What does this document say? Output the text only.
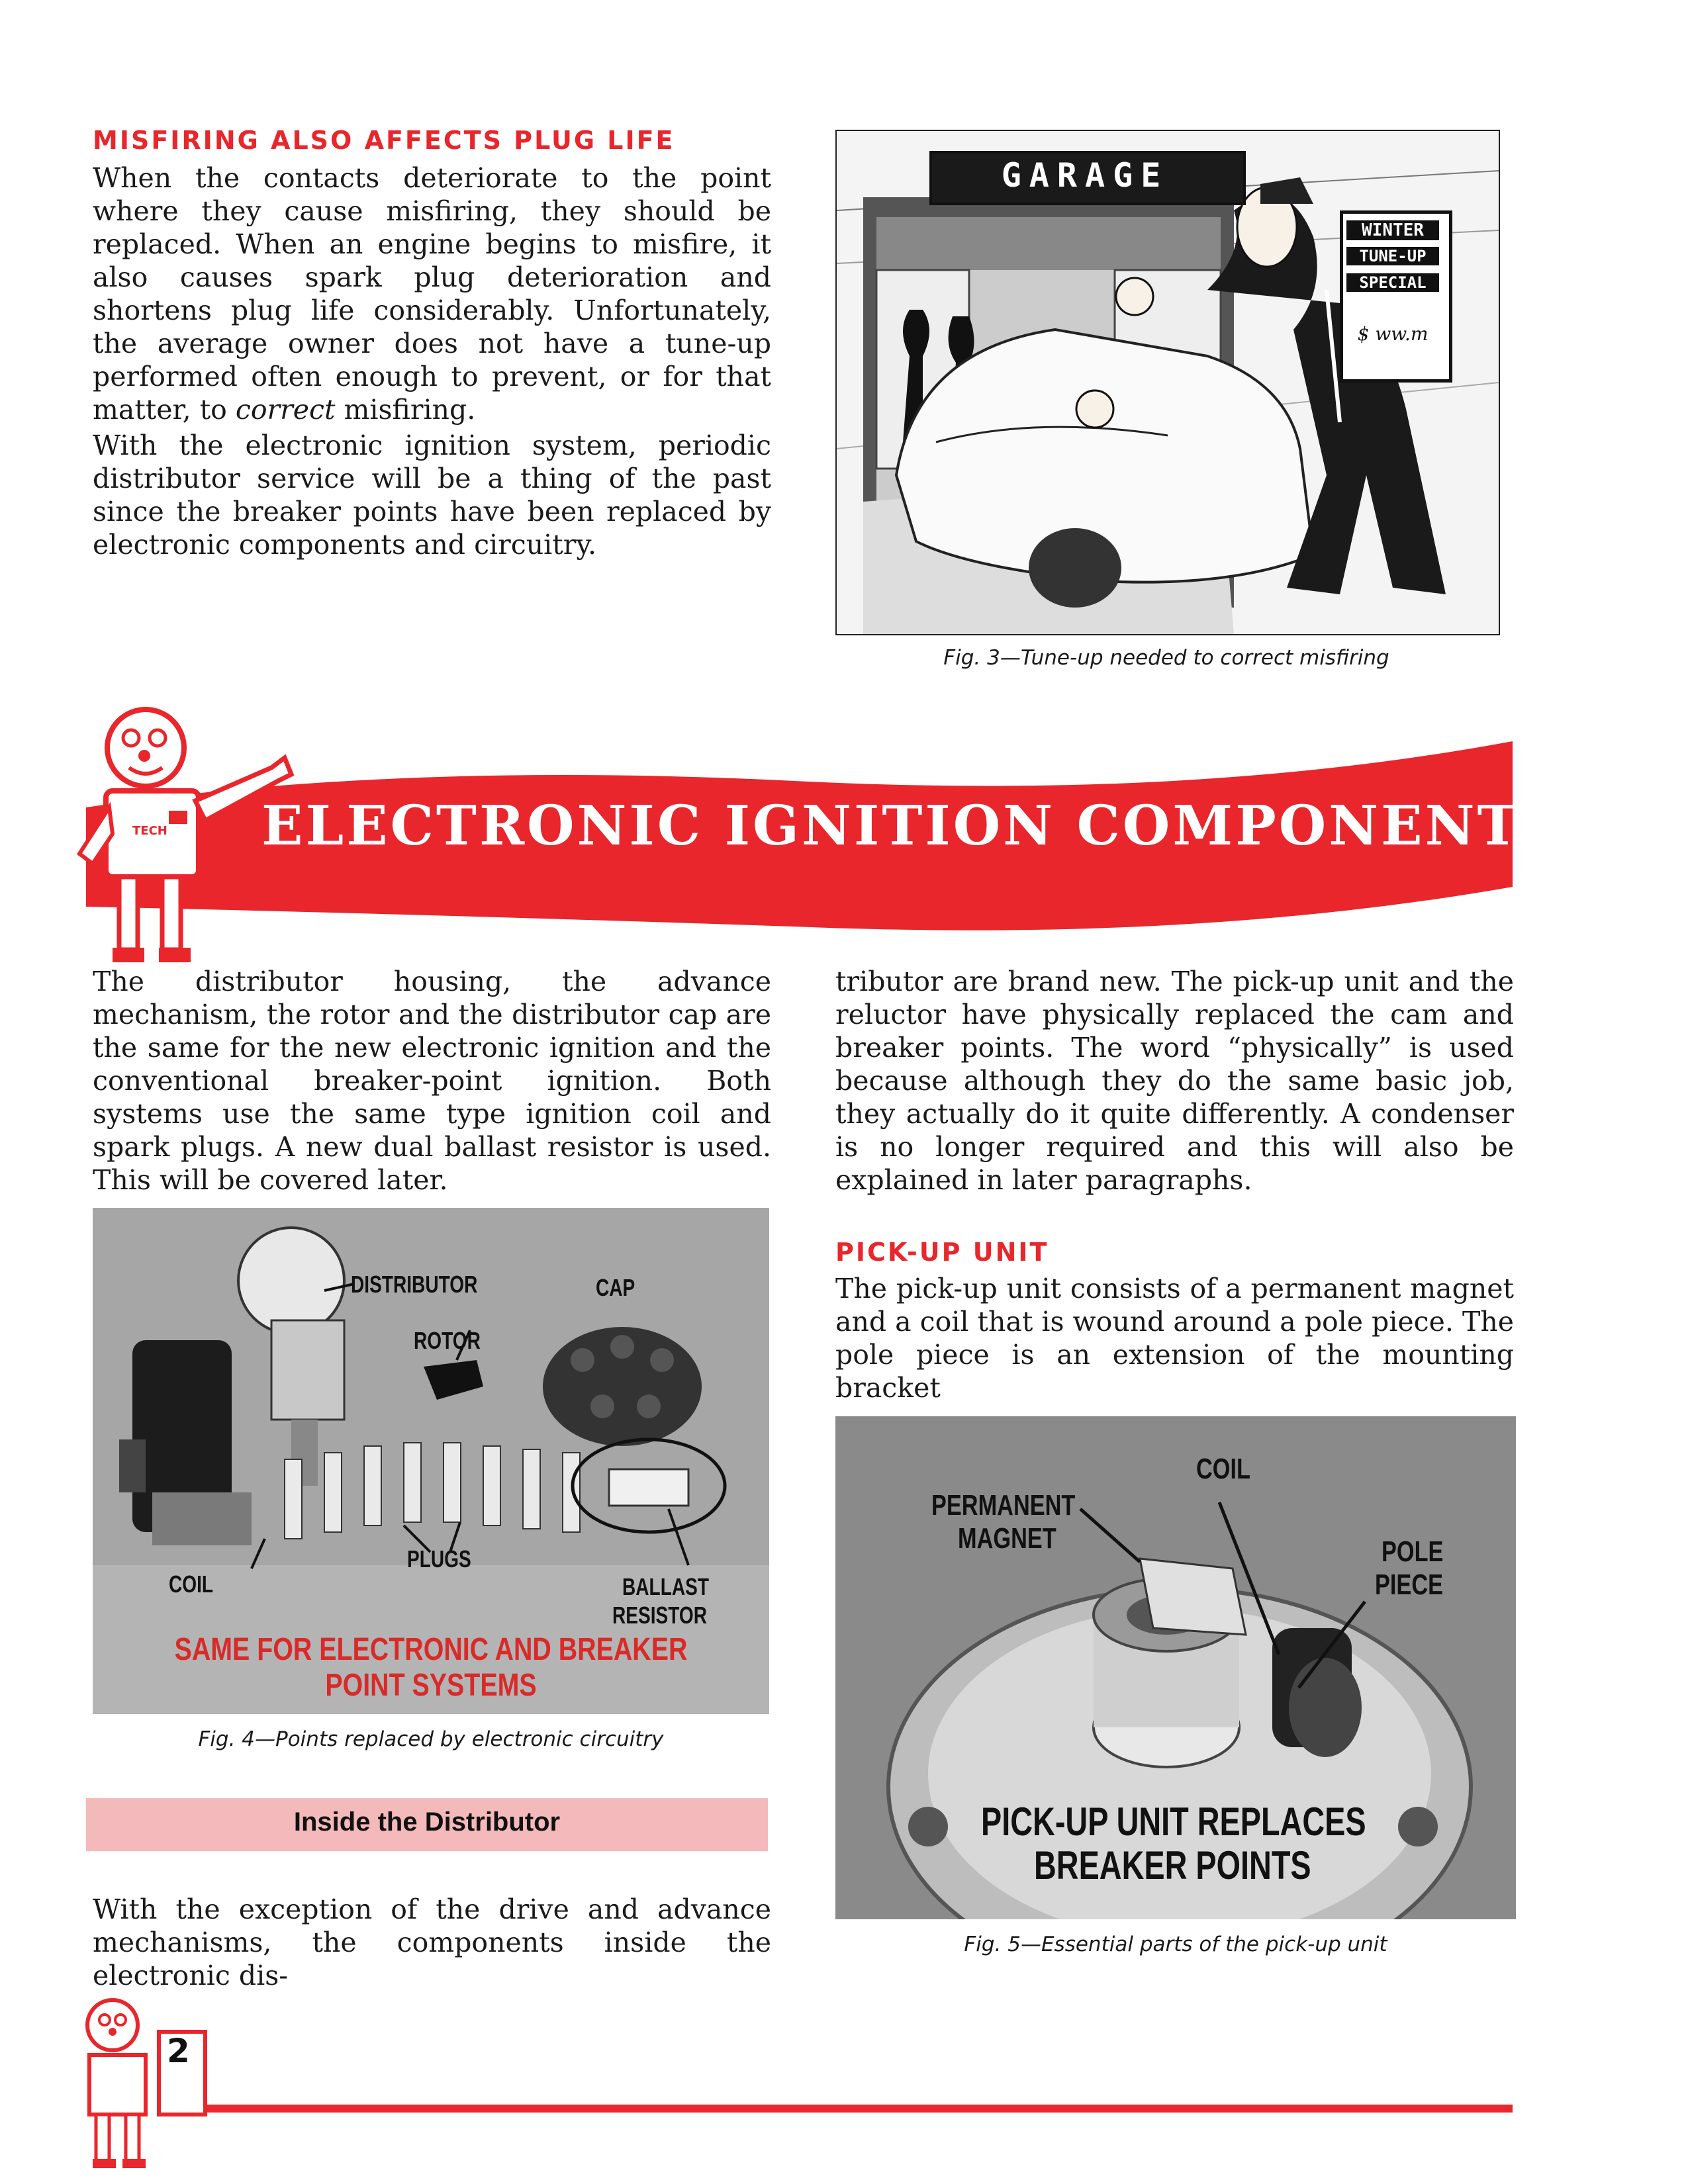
MISFIRING ALSO AFFECTS PLUG LIFE
When the contacts deteriorate to the point where they cause misfiring, they should be replaced. When an engine begins to misfire, it also causes spark plug deterioration and shortens plug life considerably. Unfortunately, the average owner does not have a tune-up performed often enough to prevent, or for that matter, to correct misfiring.
With the electronic ignition system, periodic distributor service will be a thing of the past since the breaker points have been replaced by electronic components and circuitry.
GARAGE
WINTER
TUNE-UP
SPECIAL
$ ww.m
Fig. 3—Tune-up needed to correct misfiring
TECH ELECTRONIC IGNITION COMPONENTS
The distributor housing, the advance mechanism, the rotor and the distributor cap are the same for the new electronic ignition and the conventional breaker-point ignition. Both systems use the same type ignition coil and spark plugs. A new dual ballast resistor is used. This will be covered later.
tributor are brand new. The pick-up unit and the reluctor have physically replaced the cam and breaker points. The word “physically” is used because although they do the same basic job, they actually do it quite differently. A condenser is no longer required and this will also be explained in later paragraphs.
DISTRIBUTOR	CAP
ROTOR
COIL
PLUGS
BALLAST
RESISTOR
SAME FOR ELECTRONIC AND BREAKER
POINT SYSTEMS
Fig. 4—Points replaced by electronic circuitry
Inside the Distributor
With the exception of the drive and advance mechanisms, the components inside the electronic dis-
PICK-UP UNIT
The pick-up unit consists of a permanent magnet and a coil that is wound around a pole piece. The pole piece is an extension of the mounting bracket
COIL
PERMANENT
MAGNET	POLE
PIECE
PICK-UP UNIT REPLACES
BREAKER POINTS
Fig. 5—Essential parts of the pick-up unit
2
